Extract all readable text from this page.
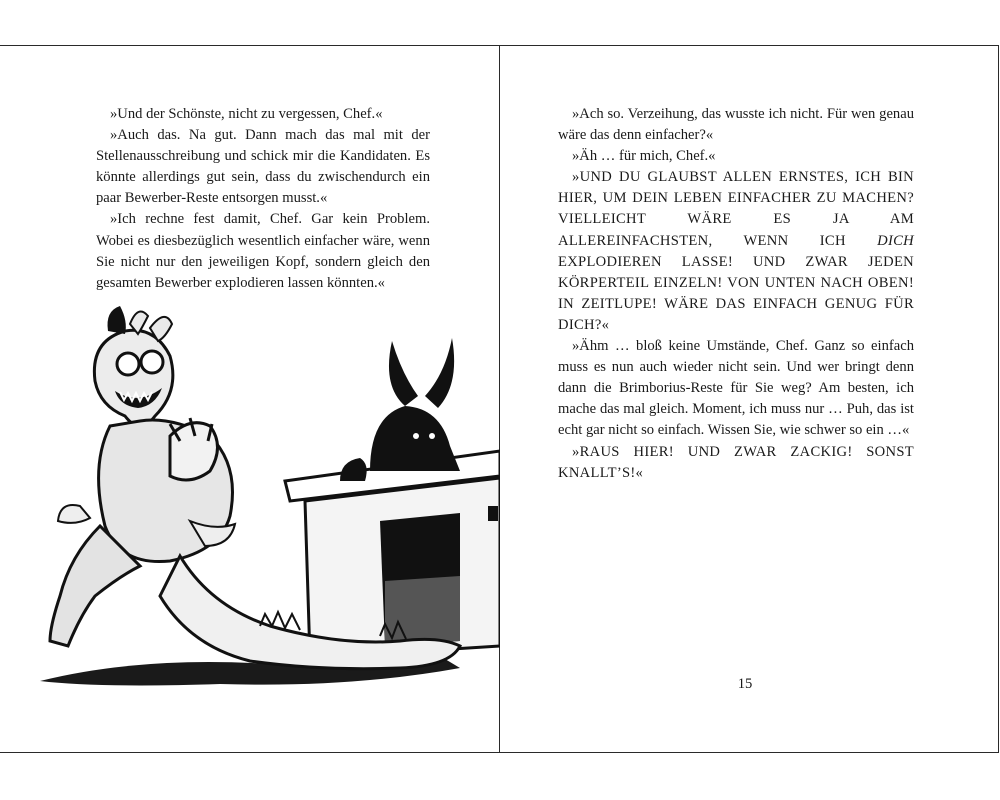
»Und der Schönste, nicht zu vergessen, Chef.«

»Auch das. Na gut. Dann mach das mal mit der Stellenausschreibung und schick mir die Kandidaten. Es könnte allerdings gut sein, dass du zwischendurch ein paar Bewerber-Reste entsorgen musst.«

»Ich rechne fest damit, Chef. Gar kein Problem. Wobei es diesbezüglich wesentlich einfacher wäre, wenn Sie nicht nur den jeweiligen Kopf, sondern gleich den gesamten Bewerber explodieren lassen könnten.«

»Ach so. Verzeihung, das wusste ich nicht. Für wen genau wäre das denn einfacher?«

»Äh … für mich, Chef.«

»UND DU GLAUBST ALLEN ERNSTES, ICH BIN HIER, UM DEIN LEBEN EINFACHER ZU MACHEN? VIELLEICHT WÄRE ES JA AM ALLEREINFACHSTEN, WENN ICH DICH EXPLODIEREN LASSE! UND ZWAR JEDEN KÖRPERTEIL EINZELN! VON UNTEN NACH OBEN! IN ZEITLUPE! WÄRE DAS EINFACH GENUG FÜR DICH?«

»Ähm … bloß keine Umstände, Chef. Ganz so einfach muss es nun auch wieder nicht sein. Und wer bringt denn dann die Brimborius-Reste für Sie weg? Am besten, ich mache das mal gleich. Moment, ich muss nur … Puh, das ist echt gar nicht so einfach. Wissen Sie, wie schwer so ein …«

»RAUS HIER! UND ZWAR ZACKIG! SONST KNALLT’S!«

15
